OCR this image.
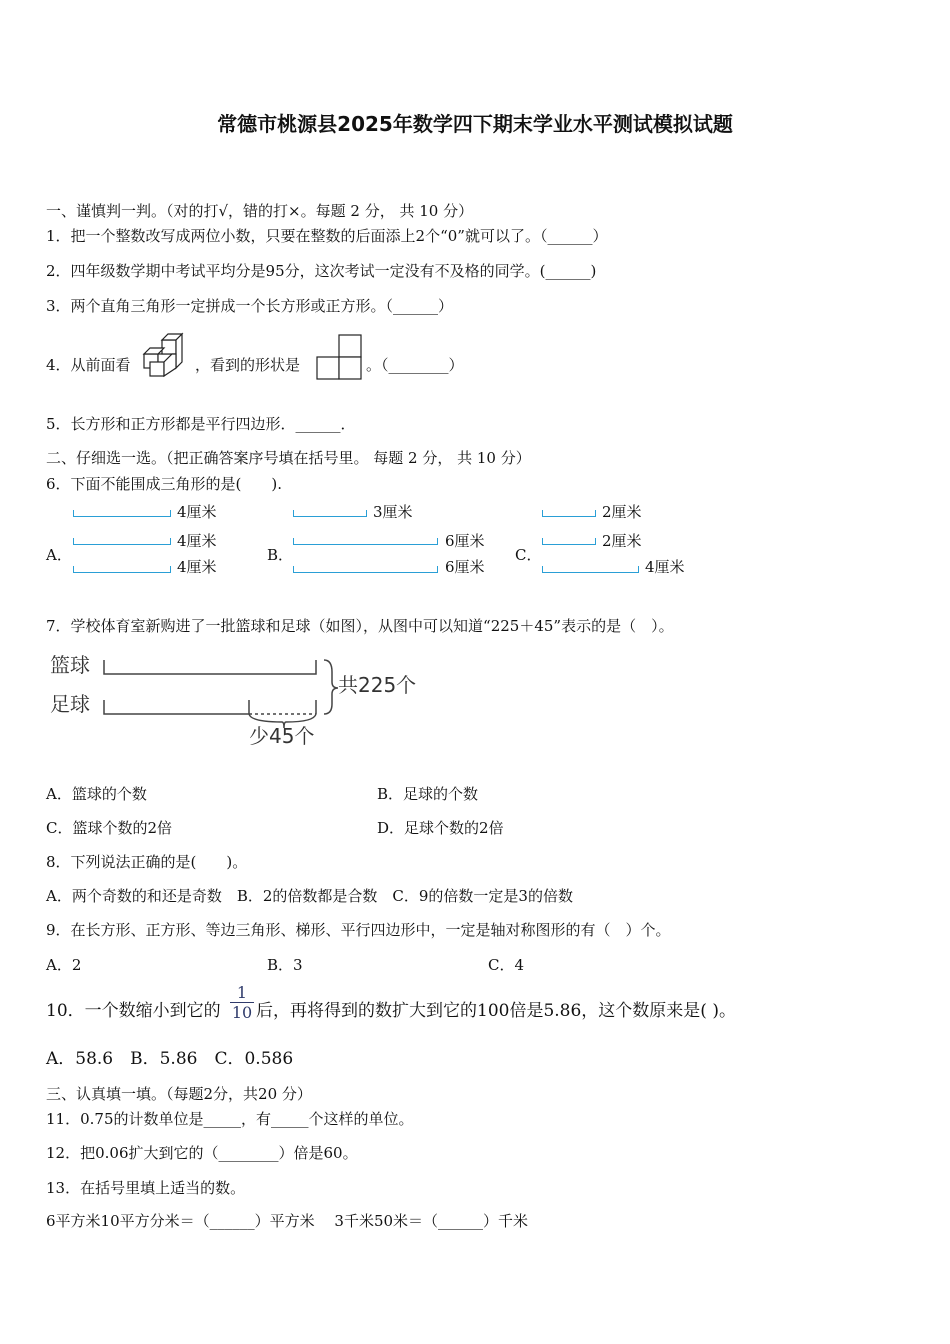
常德市桃源县2025年数学四下期末学业水平测试模拟试题
一、谨慎判一判。（对的打√，错的打×。每题 2 分， 共 10 分）
1．把一个整数改写成两位小数，只要在整数的后面添上2个“0”就可以了。（______）
2．四年级数学期中考试平均分是95分，这次考试一定没有不及格的同学。(______)
3．两个直角三角形一定拼成一个长方形或正方形。（______）
4．从前面看	，看到的形状是	。（________）
5．长方形和正方形都是平行四边形．______．
二、仔细选一选。（把正确答案序号填在括号里。 每题 2 分， 共 10 分）
6．下面不能围成三角形的是(　　).
A．
4厘米
4厘米
4厘米
B．
3厘米
6厘米
6厘米
C．
2厘米
2厘米
4厘米
7．学校体育室新购进了一批篮球和足球（如图），从图中可以知道“225＋45”表示的是（　）。
篮球
足球
共225个
少45个
A．篮球的个数	B．足球的个数
C．篮球个数的2倍	D．足球个数的2倍
8．下列说法正确的是(　　)。
A．两个奇数的和还是奇数　B．2的倍数都是合数　C．9的倍数一定是3的倍数
9．在长方形、正方形、等边三角形、梯形、平行四边形中，一定是轴对称图形的有（　）个。
A．2	B．3	C．4
10．一个数缩小到它的 $\frac{1}{10}$ 后，再将得到的数扩大到它的100倍是5.86，这个数原来是( )。
A．58.6　B．5.86　C．0.586
三、认真填一填。（每题2分，共20 分）
11．0.75的计数单位是_____，有_____个这样的单位。
12．把0.06扩大到它的（________）倍是60。
13．在括号里填上适当的数。
6平方米10平方分米＝（______）平方米　 3千米50米＝（______）千米
